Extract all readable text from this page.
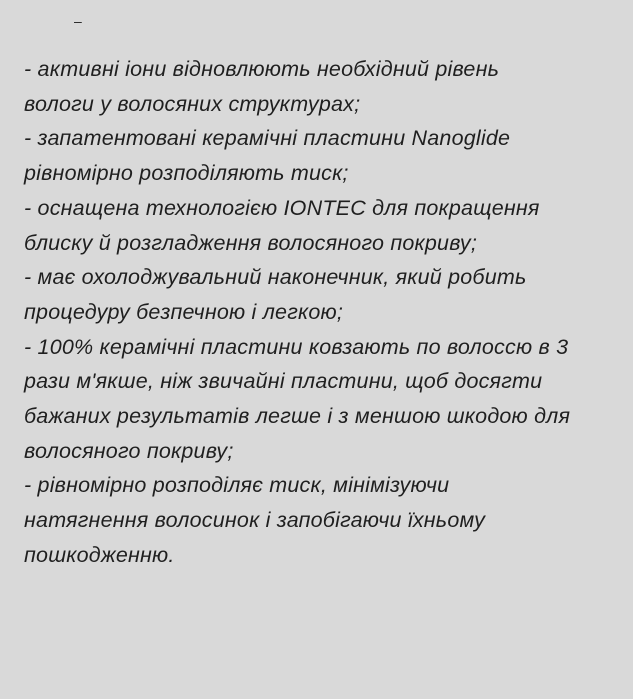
–
- активні іони відновлюють необхідний рівень
вологи у волосяних структурах;
- запатентовані керамічні пластини Nanoglide
рівномірно розподіляють тиск;
- оснащена технологією IONTEC для покращення
блиску й розгладження волосяного покриву;
- має охолоджувальний наконечник, який робить
процедуру безпечною і легкою;
- 100% керамічні пластини ковзають по волоссю в 3
рази м'якше, ніж звичайні пластини, щоб досягти
бажаних результатів легше і з меншою шкодою для
волосяного покриву;
- рівномірно розподіляє тиск, мінімізуючи
натягнення волосинок і запобігаючи їхньому
пошкодженню.
